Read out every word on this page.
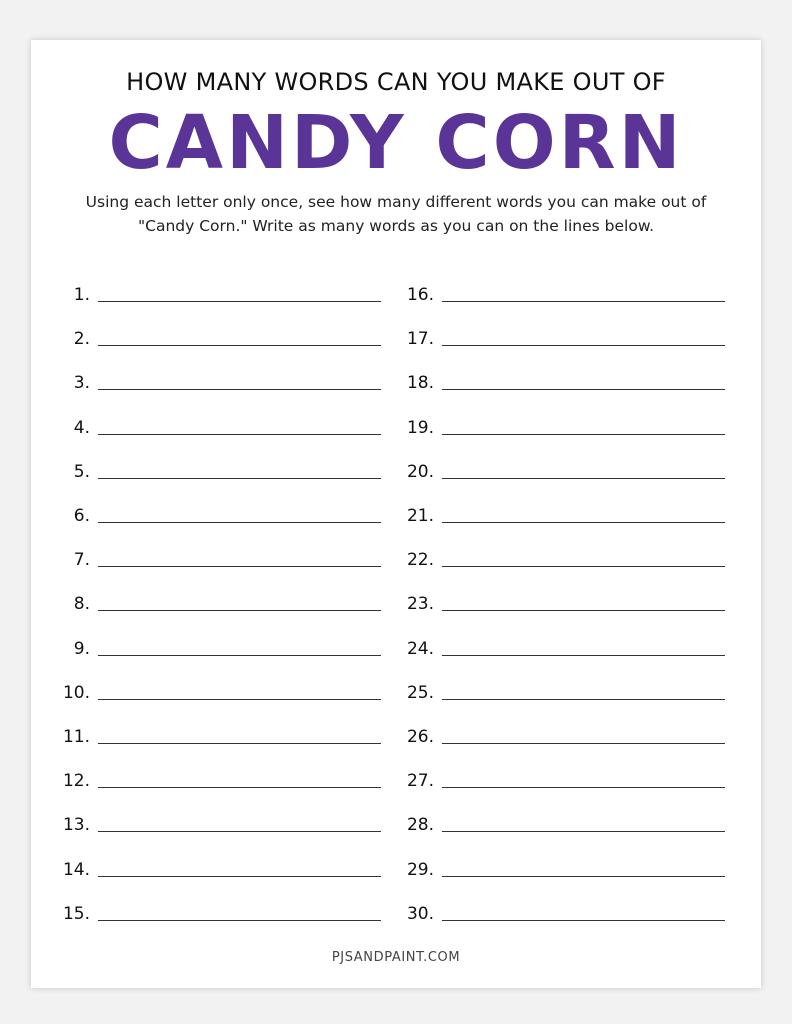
HOW MANY WORDS CAN YOU MAKE OUT OF
CANDY CORN
Using each letter only once, see how many different words you can make out of
"Candy Corn." Write as many words as you can on the lines below.
1.
2.
3.
4.
5.
6.
7.
8.
9.
10.
11.
12.
13.
14.
15.
16.
17.
18.
19.
20.
21.
22.
23.
24.
25.
26.
27.
28.
29.
30.
PJSANDPAINT.COM
